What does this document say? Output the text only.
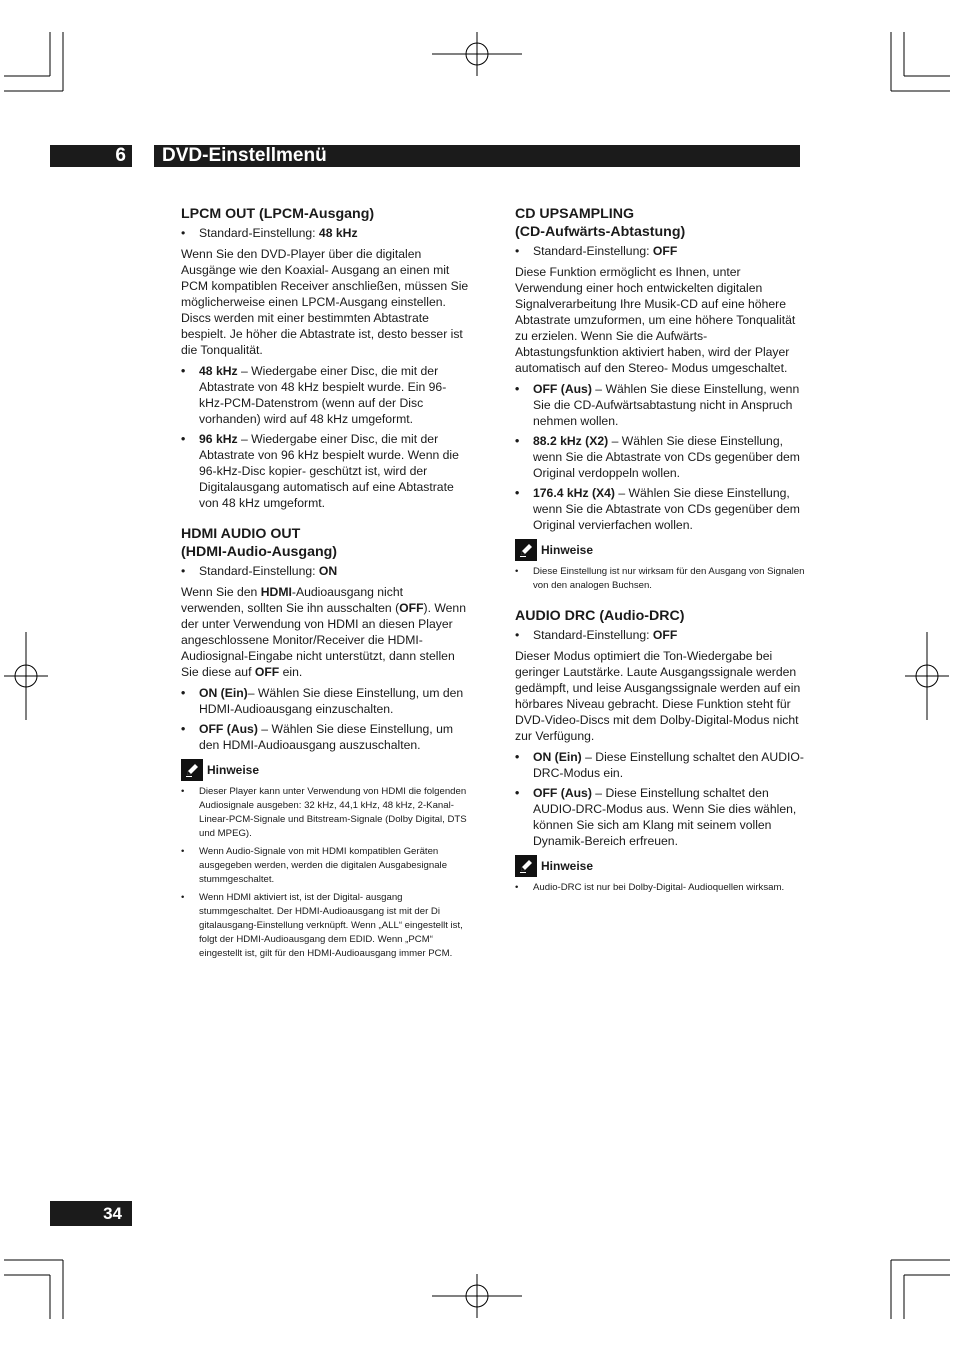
6	DVD-Einstellmenü
LPCM OUT (LPCM-Ausgang)
• Standard-Einstellung: 48 kHz

Wenn Sie den DVD-Player über die digitalen Ausgänge wie den Koaxial- Ausgang an einen mit PCM kompatiblen Receiver anschließen, müssen Sie möglicherweise einen LPCM-Ausgang einstellen. Discs werden mit einer bestimmten Abtastrate bespielt. Je höher die Abtastrate ist, desto besser ist die Tonqualität.

• 48 kHz – Wiedergabe einer Disc, die mit der Abtastrate von 48 kHz bespielt wurde. Ein 96-kHz-PCM-Datenstrom (wenn auf der Disc vorhanden) wird auf 48 kHz umgeformt.
• 96 kHz – Wiedergabe einer Disc, die mit der Abtastrate von 96 kHz bespielt wurde. Wenn die 96-kHz-Disc kopier- geschützt ist, wird der Digitalausgang automatisch auf eine Abtastrate von 48 kHz umgeformt.
HDMI AUDIO OUT
(HDMI-Audio-Ausgang)
• Standard-Einstellung: ON

Wenn Sie den HDMI-Audioausgang nicht verwenden, sollten Sie ihn ausschalten (OFF). Wenn der unter Verwendung von HDMI an diesen Player angeschlossene Monitor/Receiver die HDMI-Audiosignal-Eingabe nicht unterstützt, dann stellen Sie diese auf OFF ein.

• ON (Ein)– Wählen Sie diese Einstellung, um den HDMI-Audioausgang einzuschalten.
• OFF (Aus) – Wählen Sie diese Einstellung, um den HDMI-Audioausgang auszuschalten.
Hinweise
• Dieser Player kann unter Verwendung von HDMI die folgenden Audiosignale ausgeben: 32 kHz, 44,1 kHz, 48 kHz, 2-Kanal-Linear-PCM-Signale und Bitstream-Signale (Dolby Digital, DTS und MPEG).
• Wenn Audio-Signale von mit HDMI kompatiblen Geräten ausgegeben werden, werden die digitalen Ausgabesignale stummgeschaltet.
• Wenn HDMI aktiviert ist, ist der Digital- ausgang stummgeschaltet. Der HDMI-Audioausgang ist mit der Di gitalausgang-Einstellung verknüpft. Wenn „ALL“ eingestellt ist, folgt der HDMI-Audioausgang dem EDID. Wenn „PCM“ eingestellt ist, gilt für den HDMI-Audioausgang immer PCM.
CD UPSAMPLING
(CD-Aufwärts-Abtastung)
• Standard-Einstellung: OFF

Diese Funktion ermöglicht es Ihnen, unter Verwendung einer hoch entwickelten digitalen Signalverarbeitung Ihre Musik-CD auf eine höhere Abtastrate umzuformen, um eine höhere Tonqualität zu erzielen. Wenn Sie die Aufwärts-Abtastungsfunktion aktiviert haben, wird der Player automatisch auf den Stereo- Modus umgeschaltet.

• OFF (Aus) – Wählen Sie diese Einstellung, wenn Sie die CD-Aufwärtsabtastung nicht in Anspruch nehmen wollen.
• 88.2 kHz (X2) – Wählen Sie diese Einstellung, wenn Sie die Abtastrate von CDs gegenüber dem Original verdoppeln wollen.
• 176.4 kHz (X4) – Wählen Sie diese Einstellung, wenn Sie die Abtastrate von CDs gegenüber dem Original vervierfachen wollen.
Hinweise
• Diese Einstellung ist nur wirksam für den Ausgang von Signalen von den analogen Buchsen.
AUDIO DRC (Audio-DRC)
• Standard-Einstellung: OFF

Dieser Modus optimiert die Ton-Wiedergabe bei geringer Lautstärke. Laute Ausgangssignale werden gedämpft, und leise Ausgangssignale werden auf ein hörbares Niveau gebracht. Diese Funktion steht für DVD-Video-Discs mit dem Dolby-Digital-Modus nicht zur Verfügung.

• ON (Ein) – Diese Einstellung schaltet den AUDIO-DRC-Modus ein.
• OFF (Aus) – Diese Einstellung schaltet den AUDIO-DRC-Modus aus. Wenn Sie dies wählen, können Sie sich am Klang mit seinem vollen Dynamik-Bereich erfreuen.
Hinweise
• Audio-DRC ist nur bei Dolby-Digital- Audioquellen wirksam.
34
